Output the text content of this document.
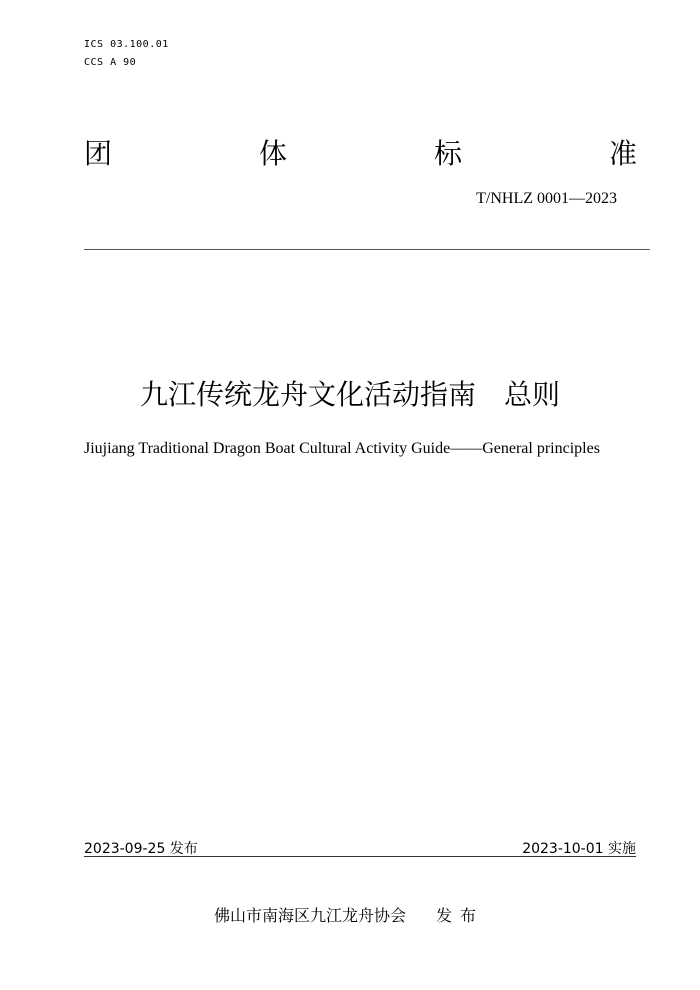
ICS 03.100.01
CCS A 90
团	体	标	准
T/NHLZ 0001—2023
九江传统龙舟文化活动指南　总则
Jiujiang Traditional Dragon Boat Cultural Activity Guide——General principles
2023-09-25 发布	2023-10-01 实施
佛山市南海区九江龙舟协会 发布
